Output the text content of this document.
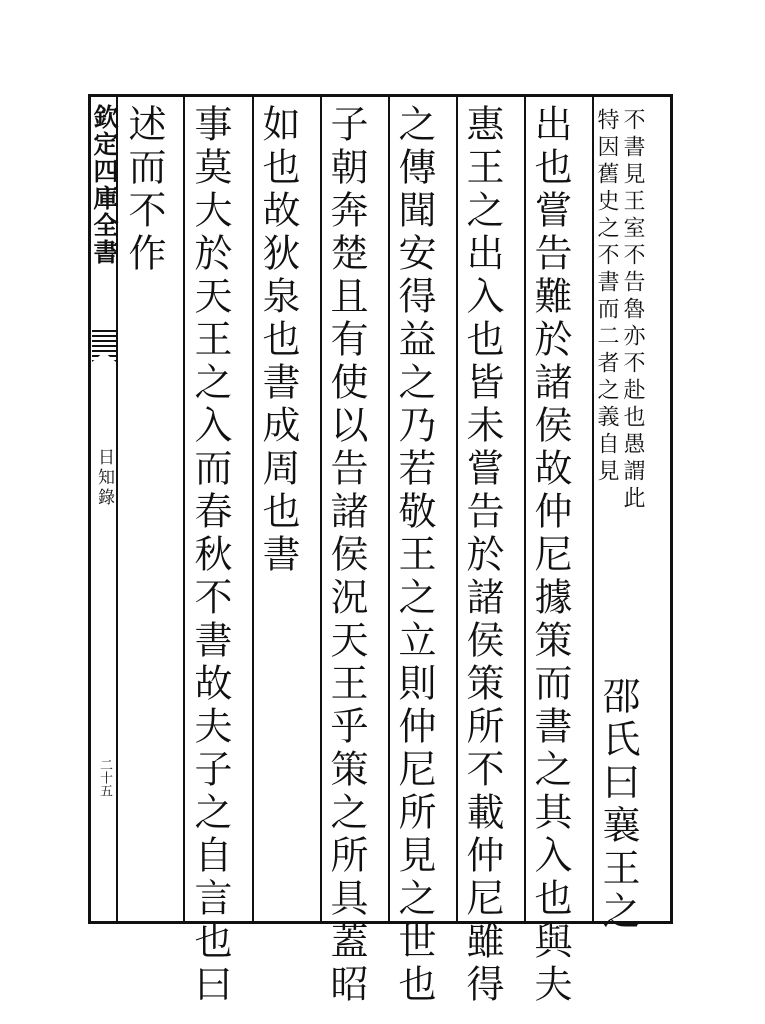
欽定四庫全書
日知錄
二十五
不書見王室不告魯亦不赴也愚謂此
特因舊史之不書而二者之義自見
邵氏曰襄王之
出也嘗告難於諸侯故仲尼據策而書之其入也與夫
惠王之出入也皆未嘗告於諸侯策所不載仲尼雖得
之傳聞安得益之乃若敬王之立則仲尼所見之世也
子朝奔楚且有使以告諸侯況天王乎策之所具蓋昭
如也故狄泉也書成周也書
事莫大於天王之入而春秋不書故夫子之自言也曰
述而不作
